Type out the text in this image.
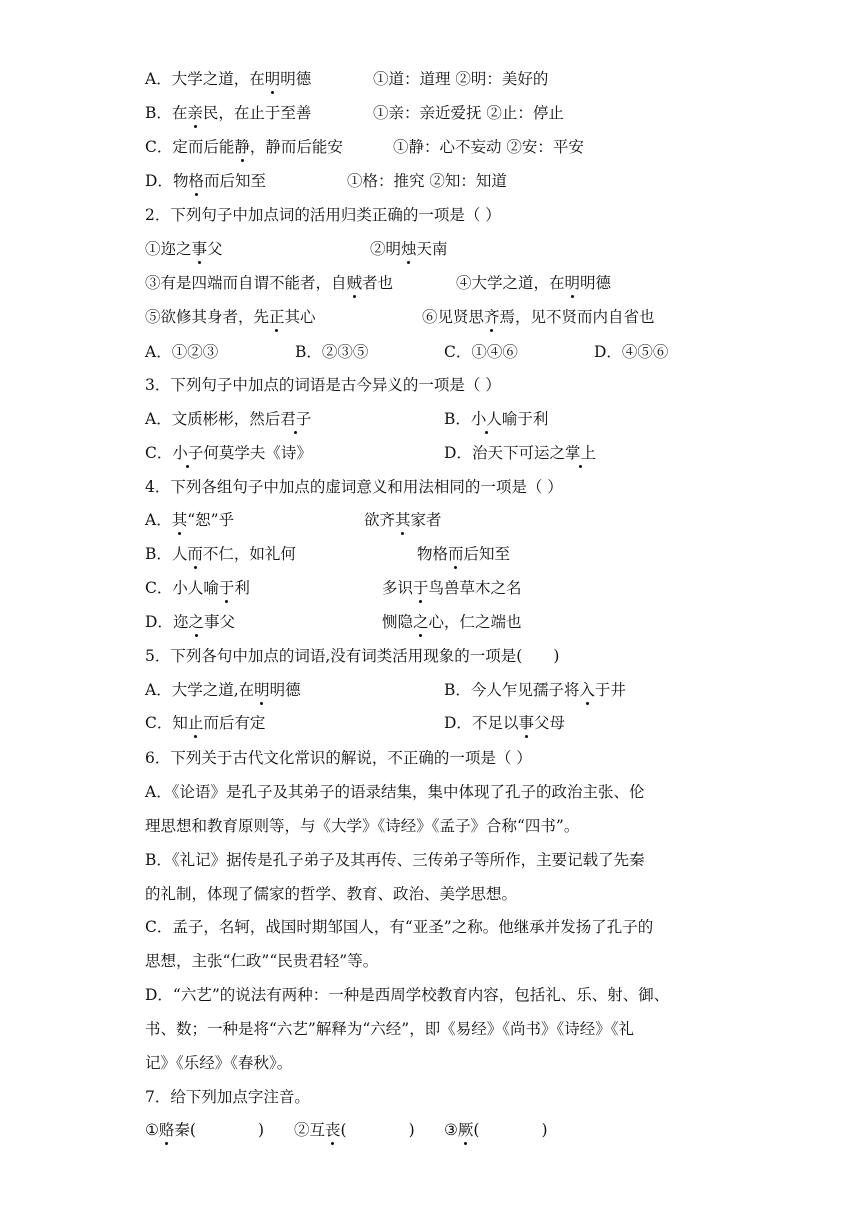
A．大学之道，在明明德	①道：道理 ②明：美好的
B．在亲民，在止于至善	①亲：亲近爱抚 ②止：停止
C．定而后能静，静而后能安	①静：心不妄动 ②安：平安
D．物格而后知至	①格：推究 ②知：知道
2．下列句子中加点词的活用归类正确的一项是（ ）
①迩之事父	②明烛天南
③有是四端而自谓不能者，自贼者也	④大学之道，在明明德
⑤欲修其身者，先正其心	⑥见贤思齐焉，见不贤而内自省也
A．①②③	B．②③⑤	C．①④⑥	D．④⑤⑥
3．下列句子中加点的词语是古今异义的一项是（ ）
A．文质彬彬，然后君子	B．小人喻于利
C．小子何莫学夫《诗》	D．治天下可运之掌上
4．下列各组句子中加点的虚词意义和用法相同的一项是（ ）
A．其“恕”乎	欲齐其家者
B．人而不仁，如礼何	物格而后知至
C．小人喻于利	多识于鸟兽草木之名
D．迩之事父	恻隐之心，仁之端也
5．下列各句中加点的词语,没有词类活用现象的一项是(　　)
A．大学之道,在明明德	B．今人乍见孺子将入于井
C．知止而后有定	D．不足以事父母
6．下列关于古代文化常识的解说，不正确的一项是（ ）
A．《论语》是孔子及其弟子的语录结集，集中体现了孔子的政治主张、伦
理思想和教育原则等，与《大学》《诗经》《孟子》合称“四书”。
B．《礼记》据传是孔子弟子及其再传、三传弟子等所作，主要记载了先秦
的礼制，体现了儒家的哲学、教育、政治、美学思想。
C．孟子，名轲，战国时期邹国人，有“亚圣”之称。他继承并发扬了孔子的
思想，主张“仁政”“民贵君轻”等。
D．“六艺”的说法有两种：一种是西周学校教育内容，包括礼、乐、射、御、
书、数；一种是将“六艺”解释为“六经”，即《易经》《尚书》《诗经》《礼
记》《乐经》《春秋》。
7．给下列加点字注音。
①赂秦(　　　　) ②互丧(　　　　) ③厥(　　　　)
